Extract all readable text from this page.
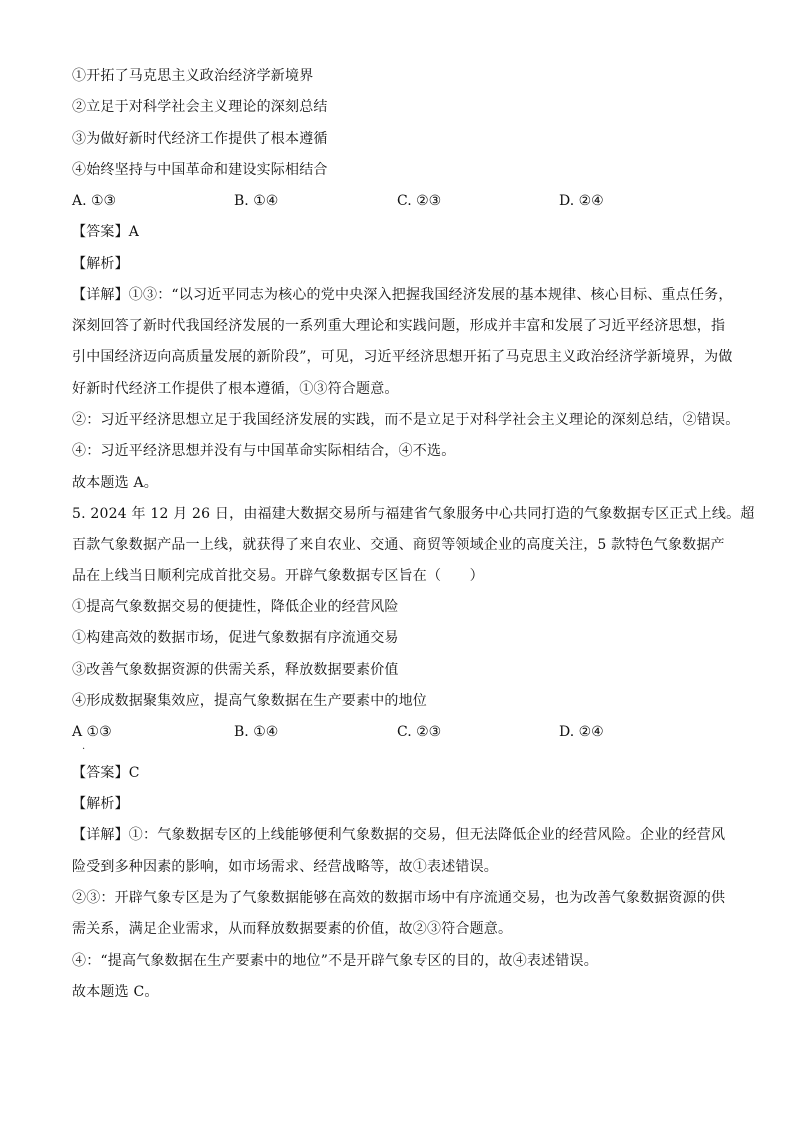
①开拓了马克思主义政治经济学新境界
②立足于对科学社会主义理论的深刻总结
③为做好新时代经济工作提供了根本遵循
④始终坚持与中国革命和建设实际相结合
A. ①③	B. ①④	C. ②③	D. ②④
【答案】A
【解析】
【详解】①③：“以习近平同志为核心的党中央深入把握我国经济发展的基本规律、核心目标、重点任务，
深刻回答了新时代我国经济发展的一系列重大理论和实践问题，形成并丰富和发展了习近平经济思想，指
引中国经济迈向高质量发展的新阶段”，可见，习近平经济思想开拓了马克思主义政治经济学新境界，为做
好新时代经济工作提供了根本遵循，①③符合题意。
②：习近平经济思想立足于我国经济发展的实践，而不是立足于对科学社会主义理论的深刻总结，②错误。
④：习近平经济思想并没有与中国革命实际相结合，④不选。
故本题选 A。
5. 2024 年 12 月 26 日，由福建大数据交易所与福建省气象服务中心共同打造的气象数据专区正式上线。超
百款气象数据产品一上线，就获得了来自农业、交通、商贸等领域企业的高度关注，5 款特色气象数据产
品在上线当日顺利完成首批交易。开辟气象数据专区旨在（　　）
①提高气象数据交易的便捷性，降低企业的经营风险
①构建高效的数据市场，促进气象数据有序流通交易
③改善气象数据资源的供需关系，释放数据要素价值
④形成数据聚集效应，提高气象数据在生产要素中的地位
A ①③	B. ①④	C. ②③	D. ②④
·
【答案】C
【解析】
【详解】①：气象数据专区的上线能够便利气象数据的交易，但无法降低企业的经营风险。企业的经营风
险受到多种因素的影响，如市场需求、经营战略等，故①表述错误。
②③：开辟气象专区是为了气象数据能够在高效的数据市场中有序流通交易，也为改善气象数据资源的供
需关系，满足企业需求，从而释放数据要素的价值，故②③符合题意。
④：“提高气象数据在生产要素中的地位”不是开辟气象专区的目的，故④表述错误。
故本题选 C。
